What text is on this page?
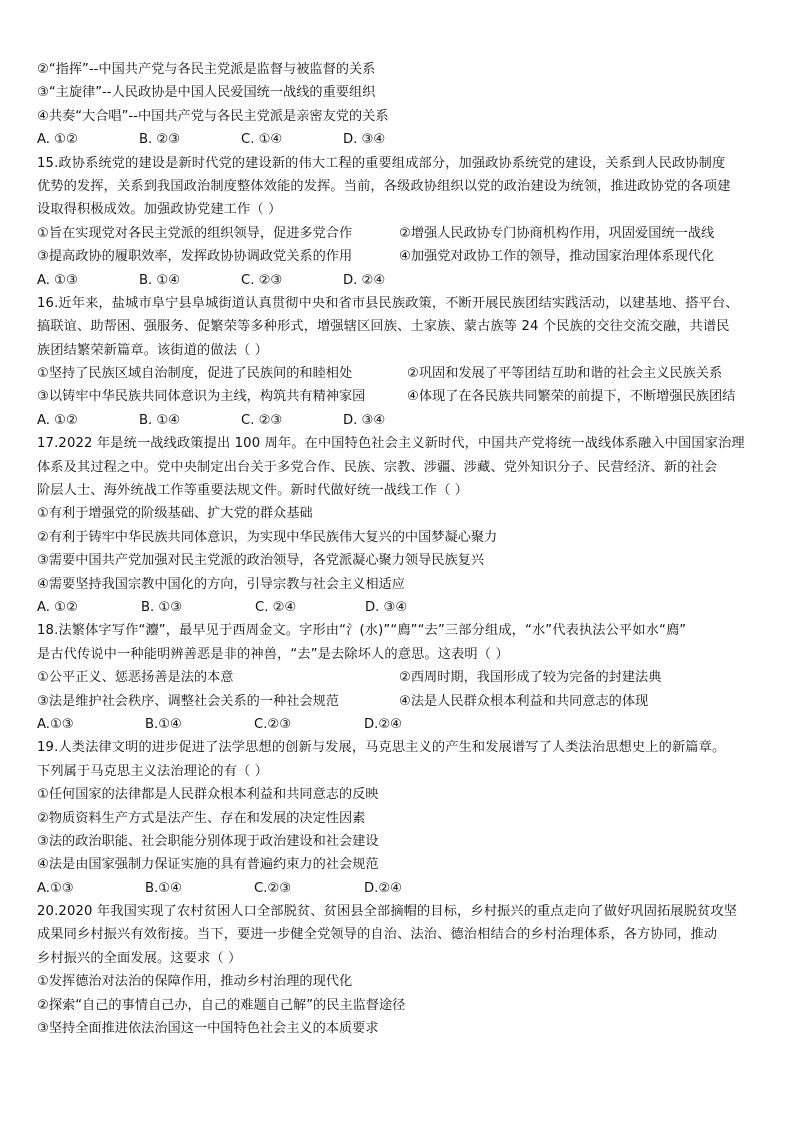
②“指挥”--中国共产党与各民主党派是监督与被监督的关系
③“主旋律”--人民政协是中国人民爱国统一战线的重要组织
④共奏“大合唱”--中国共产党与各民主党派是亲密友党的关系
A. ①②	B. ②③	C. ①④	D. ③④
15.政协系统党的建设是新时代党的建设新的伟大工程的重要组成部分，加强政协系统党的建设，关系到人民政协制度
优势的发挥，关系到我国政治制度整体效能的发挥。当前，各级政协组织以党的政治建设为统领，推进政协党的各项建
设取得积极成效。加强政协党建工作（ ）
①旨在实现党对各民主党派的组织领导，促进多党合作	②增强人民政协专门协商机构作用，巩固爱国统一战线
③提高政协的履职效率，发挥政协协调政党关系的作用	④加强党对政协工作的领导，推动国家治理体系现代化
A. ①③	B. ①④	C. ②③	D. ②④
16.近年来，盐城市阜宁县阜城街道认真贯彻中央和省市县民族政策，不断开展民族团结实践活动，以建基地、搭平台、
搞联谊、助帮困、强服务、促繁荣等多种形式，增强辖区回族、土家族、蒙古族等 24 个民族的交往交流交融，共谱民
族团结繁荣新篇章。该街道的做法（ ）
①坚持了民族区域自治制度，促进了民族间的和睦相处	②巩固和发展了平等团结互助和谐的社会主义民族关系
③以铸牢中华民族共同体意识为主线，构筑共有精神家园	④体现了在各民族共同繁荣的前提下，不断增强民族团结
A. ①②	B. ①④	C. ②③	D. ③④
17.2022 年是统一战线政策提出 100 周年。在中国特色社会主义新时代，中国共产党将统一战线体系融入中国国家治理
体系及其过程之中。党中央制定出台关于多党合作、民族、宗教、涉疆、涉藏、党外知识分子、民营经济、新的社会
阶层人士、海外统战工作等重要法规文件。新时代做好统一战线工作（ ）
①有利于增强党的阶级基础、扩大党的群众基础
②有利于铸牢中华民族共同体意识，为实现中华民族伟大复兴的中国梦凝心聚力
③需要中国共产党加强对民主党派的政治领导，各党派凝心聚力领导民族复兴
④需要坚持我国宗教中国化的方向，引导宗教与社会主义相适应
A. ①②	B. ①③	C. ②④	D. ③④
18.法繁体字写作“灋”，最早见于西周金文。字形由“氵(水)”“廌”“去”三部分组成，“水”代表执法公平如水“廌”
是古代传说中一种能明辨善恶是非的神兽，“去”是去除坏人的意思。这表明（ ）
①公平正义、惩恶扬善是法的本意	②西周时期，我国形成了较为完备的封建法典
③法是维护社会秩序、调整社会关系的一种社会规范	④法是人民群众根本利益和共同意志的体现
A.①③	B.①④	C.②③	D.②④
19.人类法律文明的进步促进了法学思想的创新与发展，马克思主义的产生和发展谱写了人类法治思想史上的新篇章。
下列属于马克思主义法治理论的有（ ）
①任何国家的法律都是人民群众根本利益和共同意志的反映
②物质资料生产方式是法产生、存在和发展的决定性因素
③法的政治职能、社会职能分别体现于政治建设和社会建设
④法是由国家强制力保证实施的具有普遍约束力的社会规范
A.①③	B.①④	C.②③	D.②④
20.2020 年我国实现了农村贫困人口全部脱贫、贫困县全部摘帽的目标，乡村振兴的重点走向了做好巩固拓展脱贫攻坚
成果同乡村振兴有效衔接。当下，要进一步健全党领导的自治、法治、德治相结合的乡村治理体系，各方协同，推动
乡村振兴的全面发展。这要求（ ）
①发挥德治对法治的保障作用，推动乡村治理的现代化
②探索“自己的事情自己办，自己的难题自己解”的民主监督途径
③坚持全面推进依法治国这一中国特色社会主义的本质要求
